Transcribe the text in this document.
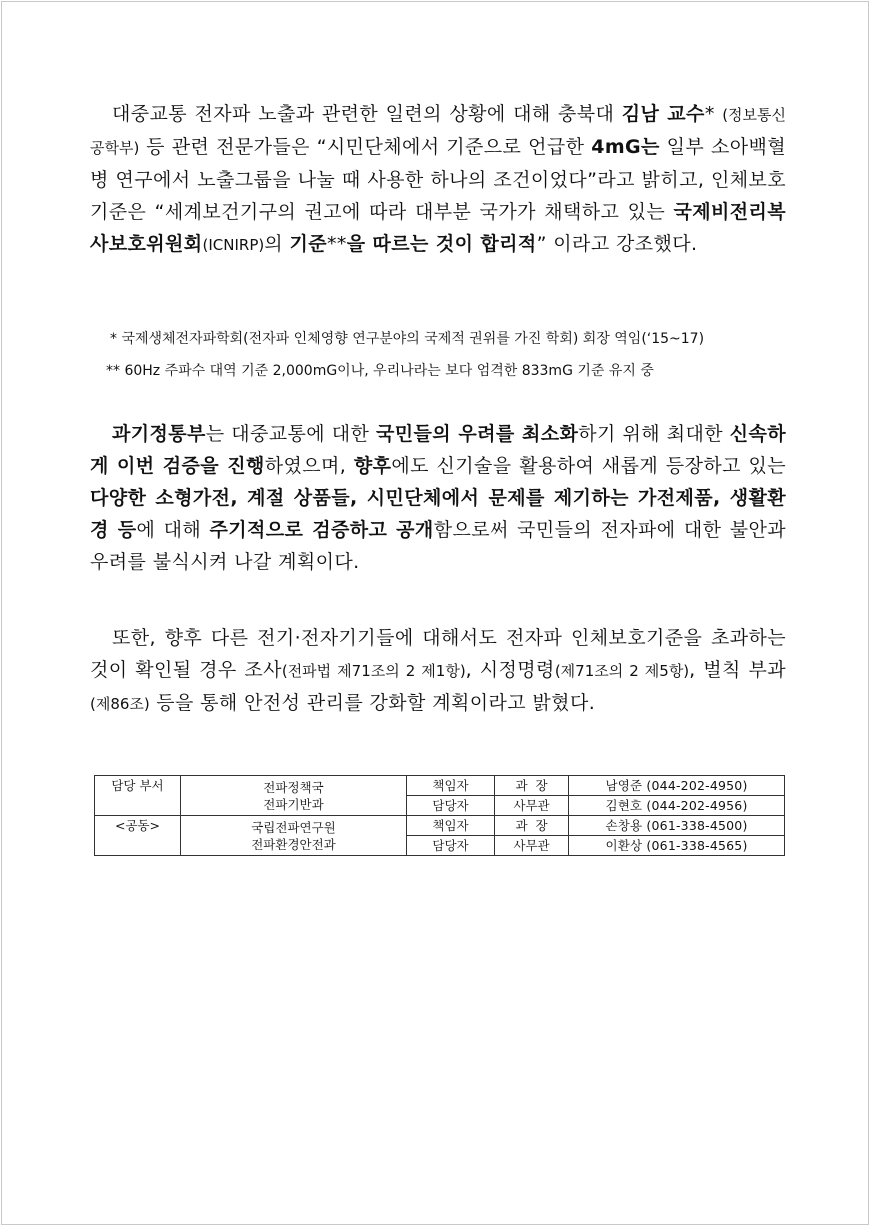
대중교통 전자파 노출과 관련한 일련의 상황에 대해 충북대 김남 교수* (정보통신공학부) 등 관련 전문가들은 “시민단체에서 기준으로 언급한 4mG는 일부 소아백혈병 연구에서 노출그룹을 나눌 때 사용한 하나의 조건이었다”라고 밝히고, 인체보호기준은 “세계보건기구의 권고에 따라 대부분 국가가 채택하고 있는 국제비전리복사보호위원회(ICNIRP)의 기준**을 따르는 것이 합리적” 이라고 강조했다.

* 국제생체전자파학회(전자파 인체영향 연구분야의 국제적 권위를 가진 학회) 회장 역임(‘15~17)

** 60Hz 주파수 대역 기준 2,000mG이나, 우리나라는 보다 엄격한 833mG 기준 유지 중

과기정통부는 대중교통에 대한 국민들의 우려를 최소화하기 위해 최대한 신속하게 이번 검증을 진행하였으며, 향후에도 신기술을 활용하여 새롭게 등장하고 있는 다양한 소형가전, 계절 상품들, 시민단체에서 문제를 제기하는 가전제품, 생활환경 등에 대해 주기적으로 검증하고 공개함으로써 국민들의 전자파에 대한 불안과 우려를 불식시켜 나갈 계획이다.

또한, 향후 다른 전기·전자기기들에 대해서도 전자파 인체보호기준을 초과하는 것이 확인될 경우 조사(전파법 제71조의 2 제1항), 시정명령(제71조의 2 제5항), 벌칙 부과(제86조) 등을 통해 안전성 관리를 강화할 계획이라고 밝혔다.

담당 부서	전파정책국
전파기반과	책임자	과  장	남영준 (044-202-4950)
		담당자	사무관	김현호 (044-202-4956)
<공동>	국립전파연구원
전파환경안전과	책임자	과  장	손창용 (061-338-4500)
		담당자	사무관	이환상 (061-338-4565)
